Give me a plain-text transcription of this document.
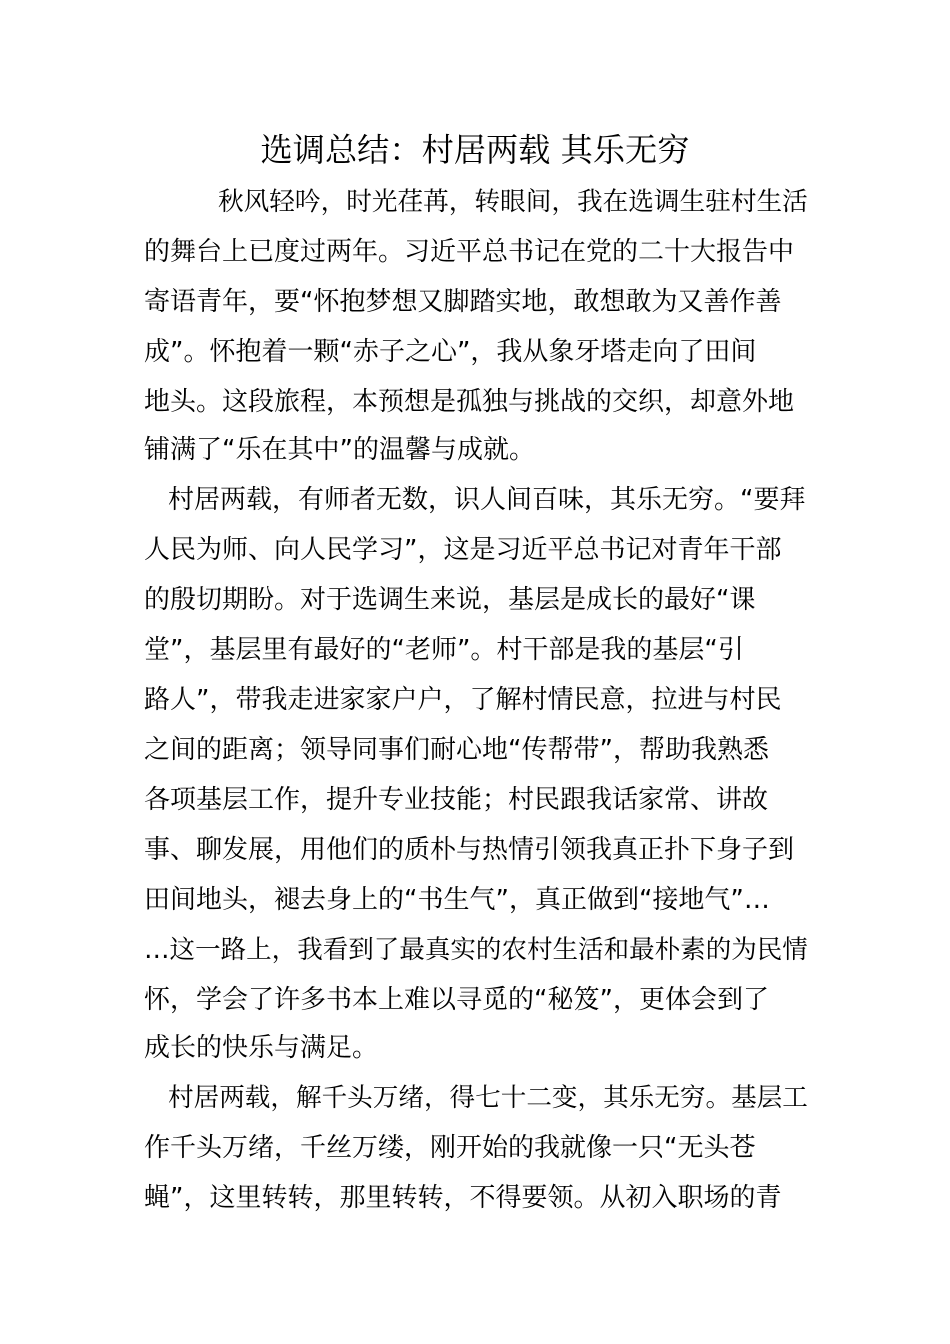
选调总结：村居两载 其乐无穷
秋风轻吟，时光荏苒，转眼间，我在选调生驻村生活
的舞台上已度过两年。习近平总书记在党的二十大报告中
寄语青年，要“怀抱梦想又脚踏实地，敢想敢为又善作善
成”。怀抱着一颗“赤子之心”，我从象牙塔走向了田间
地头。这段旅程，本预想是孤独与挑战的交织，却意外地
铺满了“乐在其中”的温馨与成就。
村居两载，有师者无数，识人间百味，其乐无穷。“要拜
人民为师、向人民学习”，这是习近平总书记对青年干部
的殷切期盼。对于选调生来说，基层是成长的最好“课
堂”，基层里有最好的“老师”。村干部是我的基层“引
路人”，带我走进家家户户，了解村情民意，拉进与村民
之间的距离；领导同事们耐心地“传帮带”，帮助我熟悉
各项基层工作，提升专业技能；村民跟我话家常、讲故
事、聊发展，用他们的质朴与热情引领我真正扑下身子到
田间地头，褪去身上的“书生气”，真正做到“接地气”…
…这一路上，我看到了最真实的农村生活和最朴素的为民情
怀，学会了许多书本上难以寻觅的“秘笈”，更体会到了
成长的快乐与满足。
村居两载，解千头万绪，得七十二变，其乐无穷。基层工
作千头万绪，千丝万缕，刚开始的我就像一只“无头苍
蝇”，这里转转，那里转转，不得要领。从初入职场的青
